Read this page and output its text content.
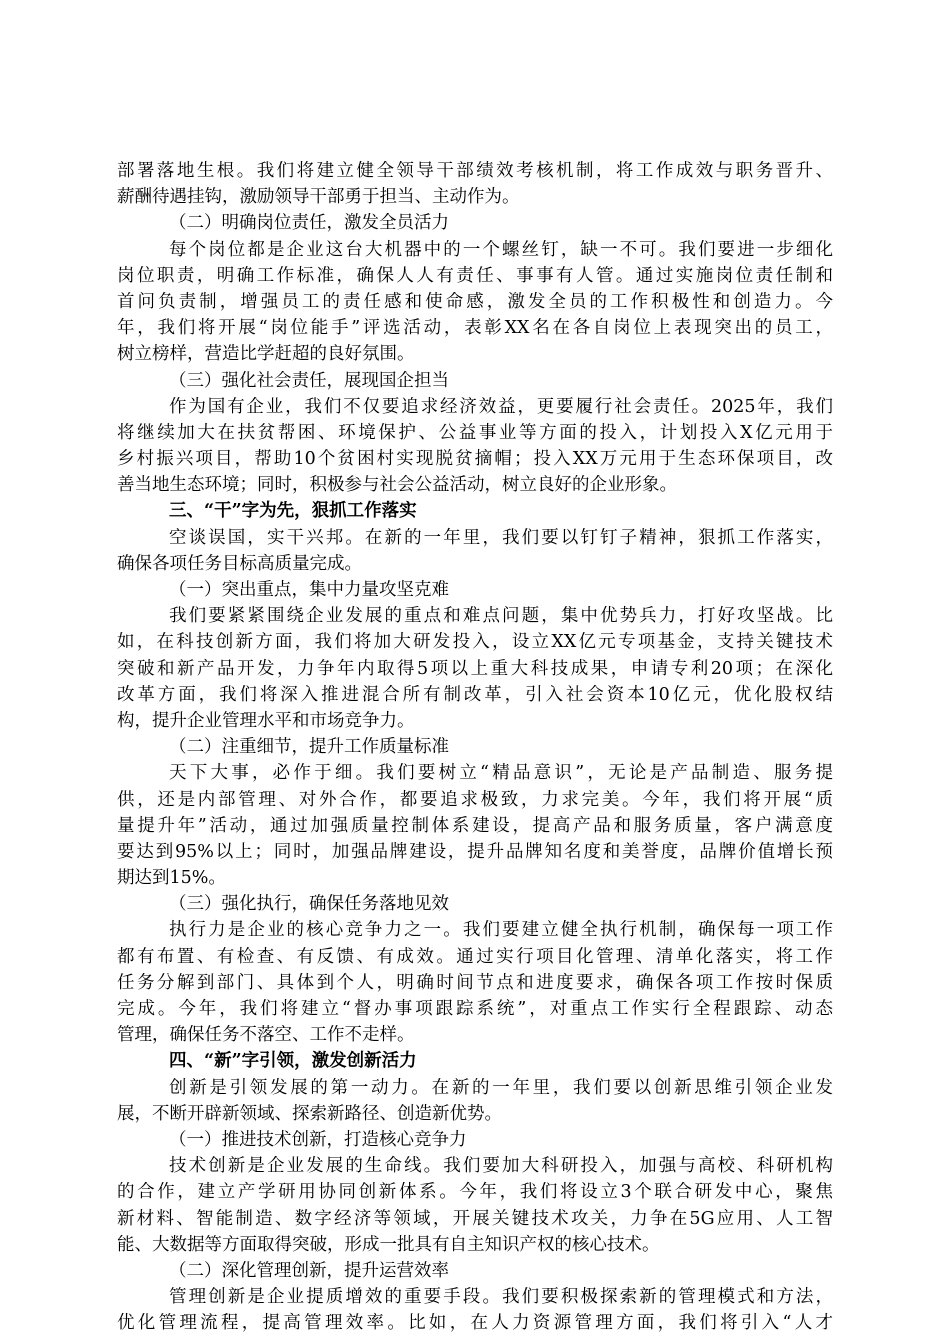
部署落地生根。我们将建立健全领导干部绩效考核机制，将工作成效与职务晋升、
薪酬待遇挂钩，激励领导干部勇于担当、主动作为。
（二）明确岗位责任，激发全员活力
每个岗位都是企业这台大机器中的一个螺丝钉，缺一不可。我们要进一步细化
岗位职责，明确工作标准，确保人人有责任、事事有人管。通过实施岗位责任制和
首问负责制，增强员工的责任感和使命感，激发全员的工作积极性和创造力。今
年，我们将开展“岗位能手”评选活动，表彰XX名在各自岗位上表现突出的员工，
树立榜样，营造比学赶超的良好氛围。
（三）强化社会责任，展现国企担当
作为国有企业，我们不仅要追求经济效益，更要履行社会责任。2025年，我们
将继续加大在扶贫帮困、环境保护、公益事业等方面的投入，计划投入X亿元用于
乡村振兴项目，帮助10个贫困村实现脱贫摘帽；投入XX万元用于生态环保项目，改
善当地生态环境；同时，积极参与社会公益活动，树立良好的企业形象。
三、“干”字为先，狠抓工作落实
空谈误国，实干兴邦。在新的一年里，我们要以钉钉子精神，狠抓工作落实，
确保各项任务目标高质量完成。
（一）突出重点，集中力量攻坚克难
我们要紧紧围绕企业发展的重点和难点问题，集中优势兵力，打好攻坚战。比
如，在科技创新方面，我们将加大研发投入，设立XX亿元专项基金，支持关键技术
突破和新产品开发，力争年内取得5项以上重大科技成果，申请专利20项；在深化
改革方面，我们将深入推进混合所有制改革，引入社会资本10亿元，优化股权结
构，提升企业管理水平和市场竞争力。
（二）注重细节，提升工作质量标准
天下大事，必作于细。我们要树立“精品意识”，无论是产品制造、服务提
供，还是内部管理、对外合作，都要追求极致，力求完美。今年，我们将开展“质
量提升年”活动，通过加强质量控制体系建设，提高产品和服务质量，客户满意度
要达到95%以上；同时，加强品牌建设，提升品牌知名度和美誉度，品牌价值增长预
期达到15%。
（三）强化执行，确保任务落地见效
执行力是企业的核心竞争力之一。我们要建立健全执行机制，确保每一项工作
都有布置、有检查、有反馈、有成效。通过实行项目化管理、清单化落实，将工作
任务分解到部门、具体到个人，明确时间节点和进度要求，确保各项工作按时保质
完成。今年，我们将建立“督办事项跟踪系统”，对重点工作实行全程跟踪、动态
管理，确保任务不落空、工作不走样。
四、“新”字引领，激发创新活力
创新是引领发展的第一动力。在新的一年里，我们要以创新思维引领企业发
展，不断开辟新领域、探索新路径、创造新优势。
（一）推进技术创新，打造核心竞争力
技术创新是企业发展的生命线。我们要加大科研投入，加强与高校、科研机构
的合作，建立产学研用协同创新体系。今年，我们将设立3个联合研发中心，聚焦
新材料、智能制造、数字经济等领域，开展关键技术攻关，力争在5G应用、人工智
能、大数据等方面取得突破，形成一批具有自主知识产权的核心技术。
（二）深化管理创新，提升运营效率
管理创新是企业提质增效的重要手段。我们要积极探索新的管理模式和方法，
优化管理流程，提高管理效率。比如，在人力资源管理方面，我们将引入“人才
